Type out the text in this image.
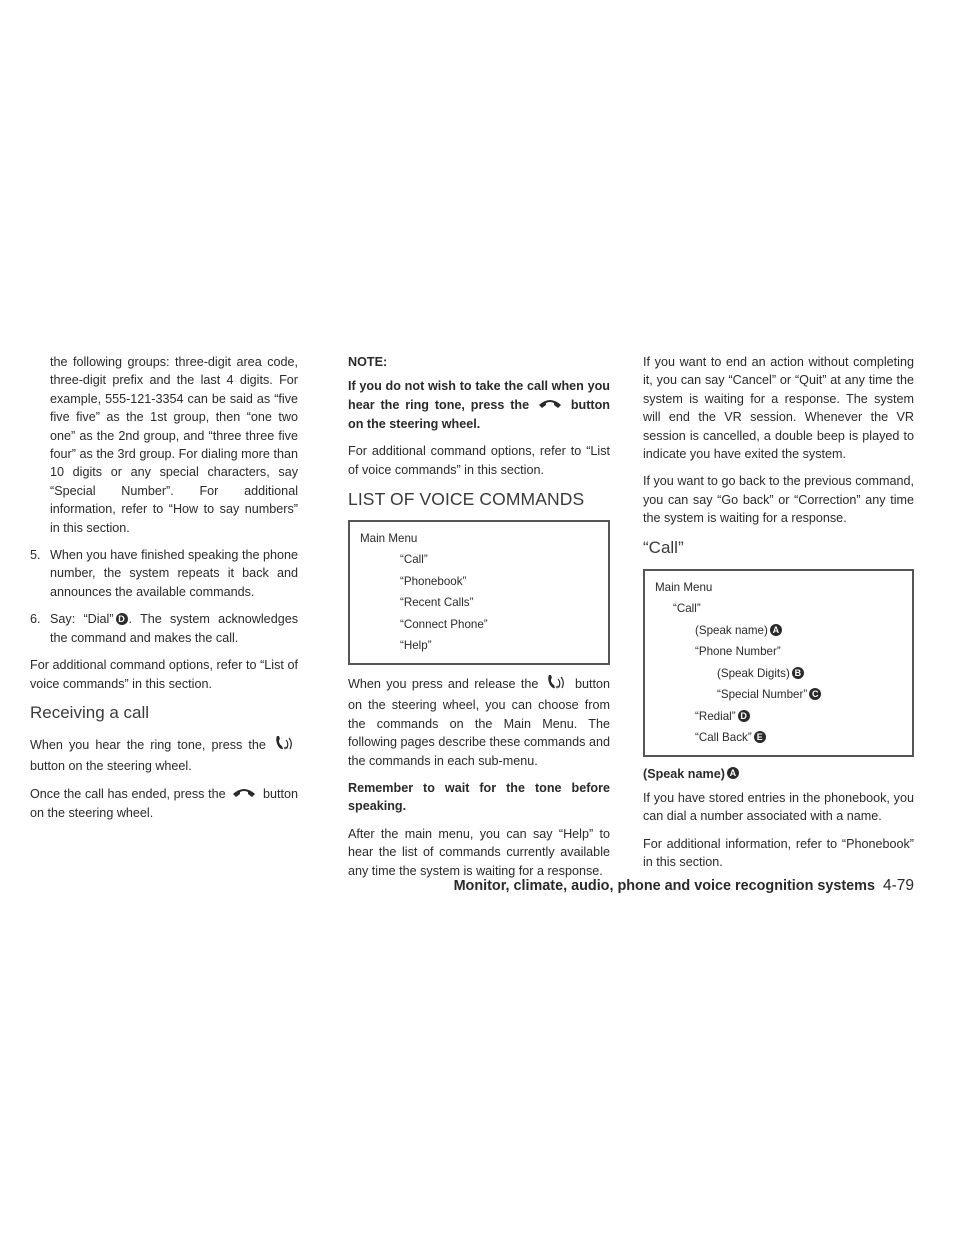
the following groups: three-digit area code, three-digit prefix and the last 4 digits. For example, 555-121-3354 can be said as “five five five” as the 1st group, then “one two one” as the 2nd group, and “three three five four” as the 3rd group. For dialing more than 10 digits or any special characters, say “Special Number”. For additional information, refer to “How to say numbers” in this section.

5. When you have finished speaking the phone number, the system repeats it back and announces the available commands.
6. Say: “Dial” D . The system acknowledges the command and makes the call.

For additional command options, refer to “List of voice commands” in this section.

Receiving a call

When you hear the ring tone, press the  button on the steering wheel.

Once the call has ended, press the	button on the steering wheel.

NOTE:

If you do not wish to take the call when you hear the ring tone, press the	button on the steering wheel.

For additional command options, refer to “List of voice commands” in this section.

LIST OF VOICE COMMANDS
Main Menu
“Call”
“Phonebook”
“Recent Calls”
“Connect Phone”
“Help”

When you press and release the	button on the steering wheel, you can choose from the commands on the Main Menu. The following pages describe these commands and the commands in each sub-menu.

Remember to wait for the tone before speaking.

After the main menu, you can say “Help” to hear the list of commands currently available any time the system is waiting for a response.

If you want to end an action without completing it, you can say “Cancel” or “Quit” at any time the system is waiting for a response. The system will end the VR session. Whenever the VR session is cancelled, a double beep is played to indicate you have exited the system.

If you want to go back to the previous command, you can say “Go back” or “Correction” any time the system is waiting for a response.

“Call”
Main Menu
“Call”
(Speak name) A
“Phone Number”
(Speak Digits) B
“Special Number” C
“Redial” D
“Call Back” E

(Speak name) A

If you have stored entries in the phonebook, you can dial a number associated with a name.

For additional information, refer to “Phonebook” in this section.

Monitor, climate, audio, phone and voice recognition systems 4-79
